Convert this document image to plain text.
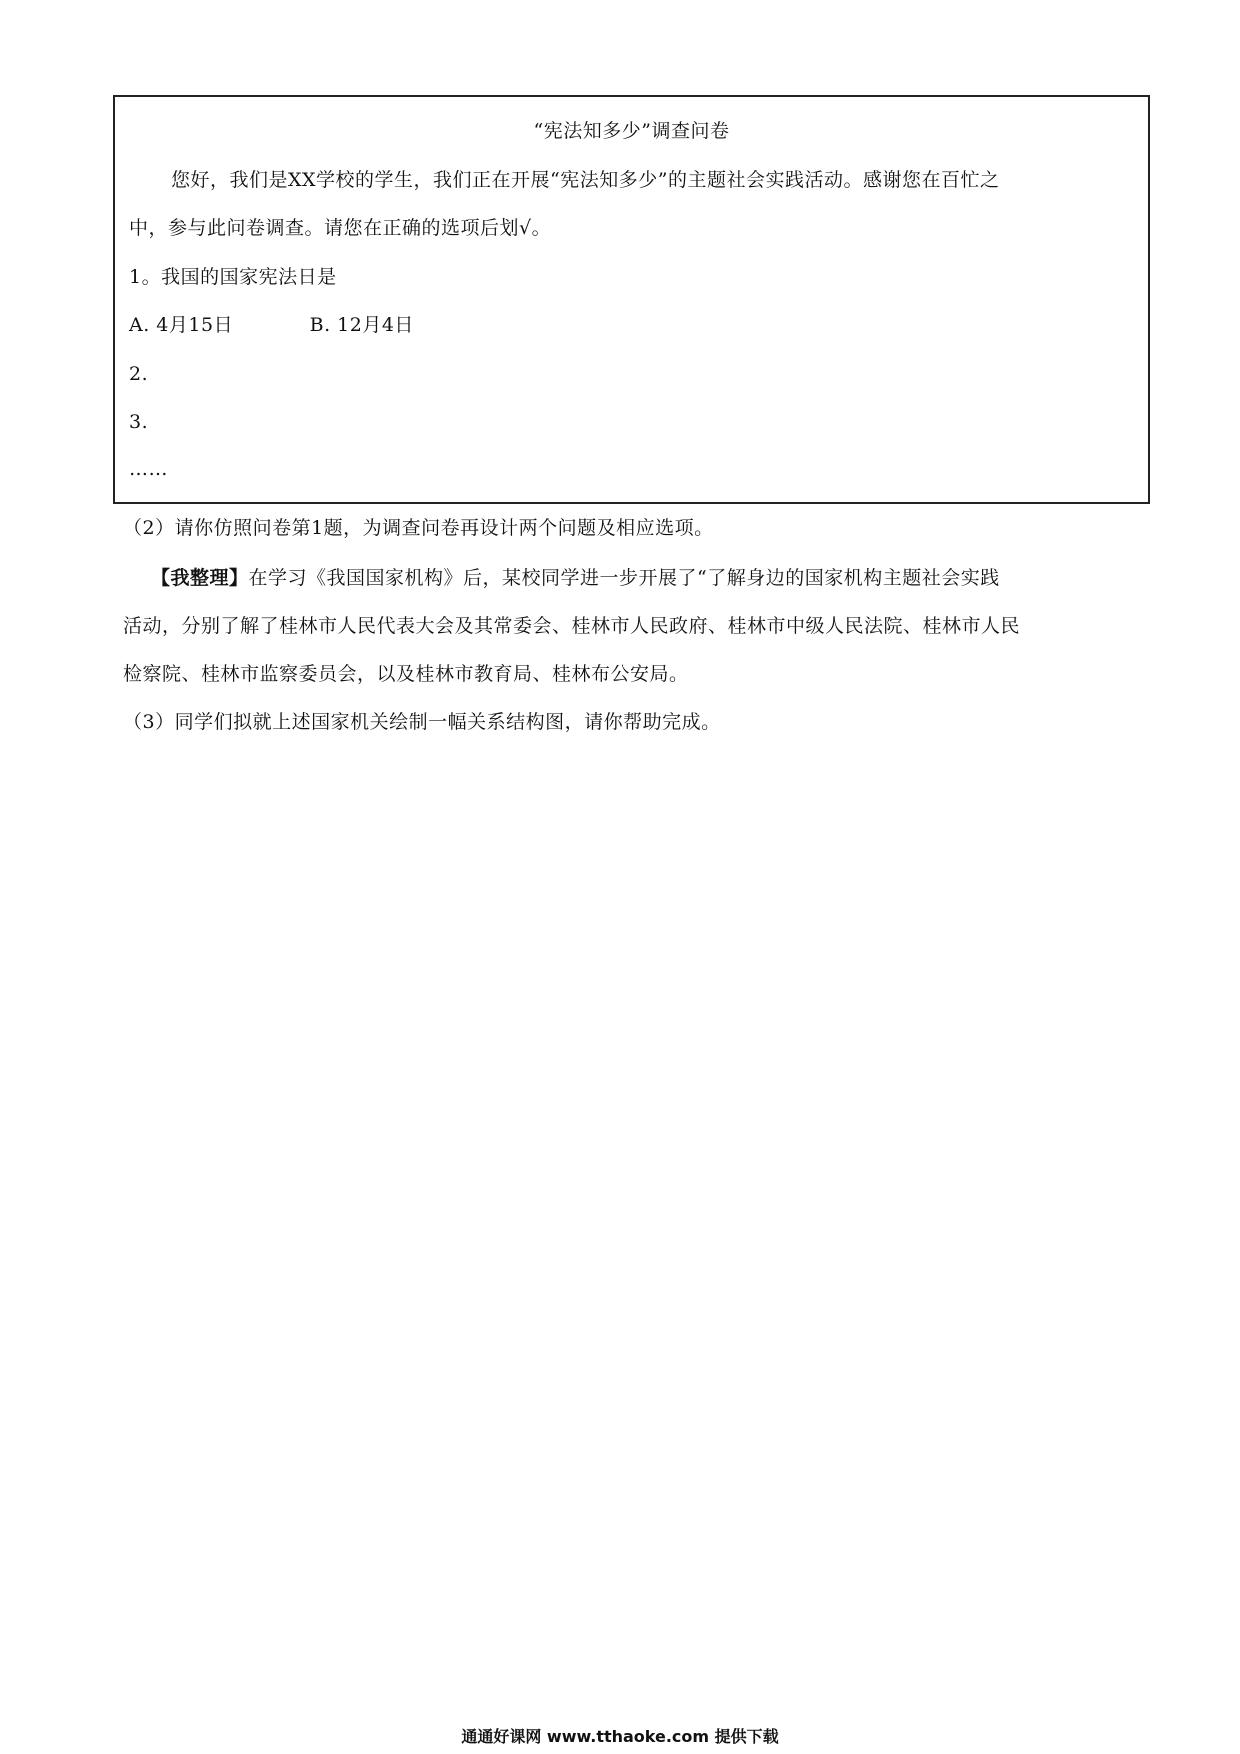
“宪法知多少”调查问卷
您好，我们是XX学校的学生，我们正在开展“宪法知多少”的主题社会实践活动。感谢您在百忙之
中，参与此问卷调查。请您在正确的选项后划√。
1。我国的国家宪法日是
A. 4月15日	B. 12月4日
2.
3.
……
（2）请你仿照问卷第1题，为调查问卷再设计两个问题及相应选项。
【我整理】在学习《我国国家机构》后，某校同学进一步开展了“了解身边的国家机构主题社会实践
活动，分别了解了桂林市人民代表大会及其常委会、桂林市人民政府、桂林市中级人民法院、桂林市人民
检察院、桂林市监察委员会，以及桂林市教育局、桂林布公安局。
（3）同学们拟就上述国家机关绘制一幅关系结构图，请你帮助完成。
通通好课网 www.tthaoke.com 提供下载
